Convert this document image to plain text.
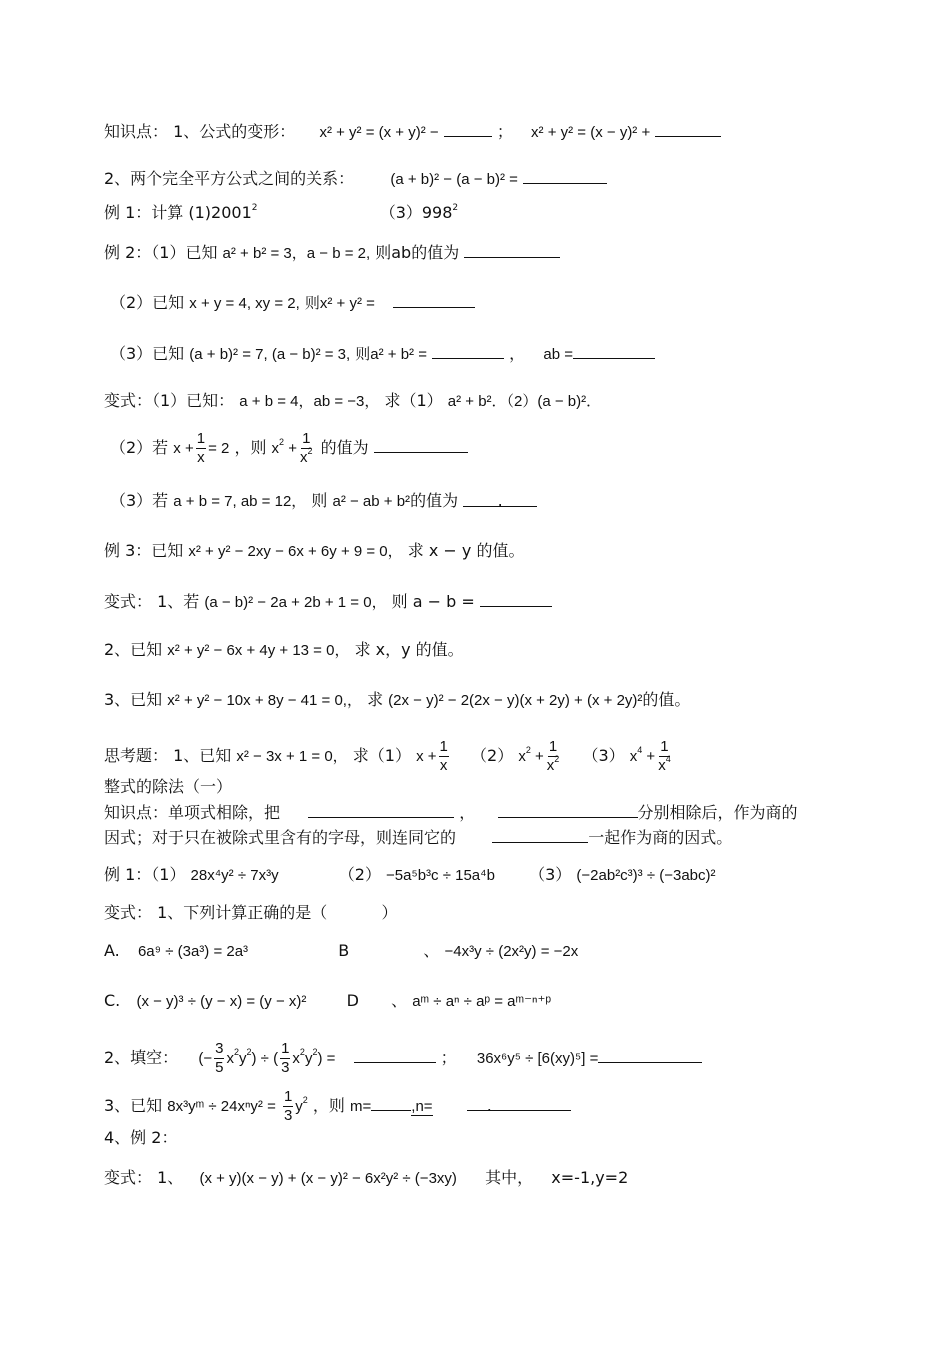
知识点： 1、公式的变形： x² + y² = (x + y)² −	； x² + y² = (x − y)² +
2、两个完全平方公式之间的关系： (a + b)² − (a − b)² =
例 1：计算 (1)2001$^2$	$(3)998^2$
例 2：（1）已知 a² + b² = 3，a − b = 2, 则ab的值为
（2）已知 x + y = 4, xy = 2, 则x² + y² =
（3）已知 (a + b)² = 7, (a − b)² = 3, 则a² + b² =	， ab =
变式：（1）已知： a + b = 4，ab = −3， 求（1） a² + b²．（2）(a − b)²．
（2）若 $x + \frac{1}{x} = 2$ ，则 $x^2 + \frac{1}{x^2}$ 的值为
（3）若 a + b = 7, ab = 12， 则 a² − ab + b²的值为 .
例 3：已知 x² + y² − 2xy − 6x + 6y + 9 = 0， 求 x − y 的值。
变式： 1、若 (a − b)² − 2a + 2b + 1 = 0， 则 a − b =
2、已知 x² + y² − 6x + 4y + 13 = 0， 求 x，y 的值。
3、已知 x² + y² − 10x + 8y − 41 = 0,， 求 (2x − y)² − 2(2x − y)(x + 2y) + (x + 2y)²的值。
思考题： 1、已知 x² − 3x + 1 = 0， 求（1） $x + \frac{1}{x} (2) x^2 + \frac{1}{x^2} (3) x^4 + \frac{1}{x^4}$
整式的除法（一）
知识点：单项式相除，把	，	分别相除后，作为商的
因式；对于只在被除式里含有的字母，则连同它的	一起作为商的因式。
例 1：（1） 28x⁴y² ÷ 7x³y	（2） −5a⁵b³c ÷ 15a⁴b （3） (−2ab²c³)³ ÷ (−3abc)²
变式： 1、下列计算正确的是（	）
A. 6a⁹ ÷ (3a³) = 2a³	B	、 −4x³y ÷ (2x²y) = −2x
C. (x − y)³ ÷ (y − x) = (y − x)²	D 、 aᵐ ÷ aⁿ ÷ aᵖ = aᵐ⁻ⁿ⁺ᵖ
2、填空： (− $\frac{3}{5} x^2y^2$) ÷ ( $\frac{1}{3} x^2y^2$) =	； 36x⁶y⁵ ÷ [6(xy)⁵] =
3、已知 8x³yᵐ ÷ $24x^ny^2 = \frac{1}{3} y^2$ ，则 m=	,n=	.
4、例 2：
变式： 1、 (x + y)(x − y) + (x − y)² − 6x²y² ÷ (−3xy) 其中， x=-1,y=2
